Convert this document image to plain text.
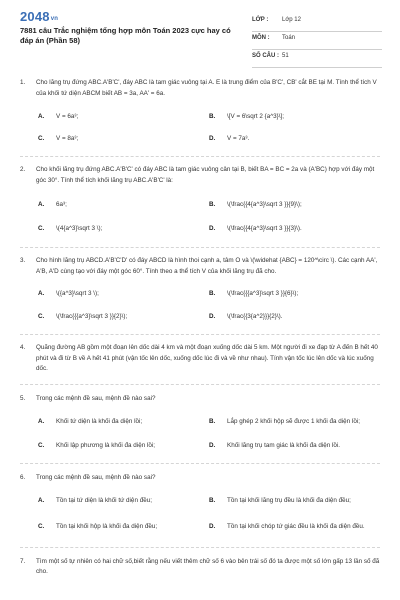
2048vn
7881 câu Trắc nghiệm tổng hợp môn Toán 2023 cực hay có đáp án (Phần 58)
LỚP : Lớp 12
MÔN : Toán
SỐ CÂU : 51
1. Cho lăng trụ đứng ABC.A'B'C', đáy ABC là tam giác vuông tại A. E là trung điểm của B'C', CB' cắt BE tại M. Tính thể tích V của khối tứ diện ABCM biết AB = 3a, AA' = 6a.
A.	V = 6a³;	B.	\[V = 6\sqrt 2 {a^3}\];
C.	V = 8a³;	D.	V = 7a³.
2. Cho khối lăng trụ đứng ABC.A'B'C' có đáy ABC là tam giác vuông cân tại B, biết BA = BC = 2a và (A'BC) hợp với đáy một góc 30°. Tính thể tích khối lăng trụ ABC.A'B'C' là:
A.	6a³;	B.	\(\frac{{4{a^3}\sqrt 3 }}{9}\);
C.	\(4{a^3}\sqrt 3 \);	D.	\(\frac{{4{a^3}\sqrt 3 }}{3}\).
3. Cho hình lăng trụ ABCD.A'B'C'D' có đáy ABCD là hình thoi cạnh a, tâm O và \(\widehat {ABC} = 120^\circ \). Các cạnh AA', A'B, A'D cùng tạo với đáy một góc 60°. Tính theo a thể tích V của khối lăng trụ đã cho.
A.	\({a^3}\sqrt 3 \);	B.	\(\frac{{{a^3}\sqrt 3 }}{6}\);
C.	\(\frac{{{a^3}\sqrt 3 }}{2}\);	D.	\(\frac{{3{a^2}}}{2}\).
4. Quãng đường AB gồm một đoạn lên dốc dài 4 km và một đoạn xuống dốc dài 5 km. Một người đi xe đạp từ A đến B hết 40 phút và đi từ B về A hết 41 phút (vận tốc lên dốc, xuống dốc lúc đi và về như nhau). Tính vận tốc lúc lên dốc và lúc xuống dốc.
5. Trong các mệnh đề sau, mệnh đề nào sai?
A.	Khối tứ diện là khối đa diện lồi;	B.	Lắp ghép 2 khối hộp sẽ được 1 khối đa diện lồi;
C.	Khối lập phương là khối đa diện lồi;	D.	Khối lăng trụ tam giác là khối đa diện lồi.
6. Trong các mệnh đề sau, mệnh đề nào sai?
A.	Tồn tại tứ diện là khối tứ diện đều;	B.	Tồn tại khối lăng trụ đều là khối đa diện đều;
C.	Tồn tại khối hộp là khối đa diện đều;	D.	Tồn tại khối chóp tứ giác đều là khối đa diện đều.
7. Tìm một số tự nhiên có hai chữ số,biết rằng nếu viết thêm chữ số 6 vào bên trái số đó ta được một số lớn gấp 13 lần số đã cho.
